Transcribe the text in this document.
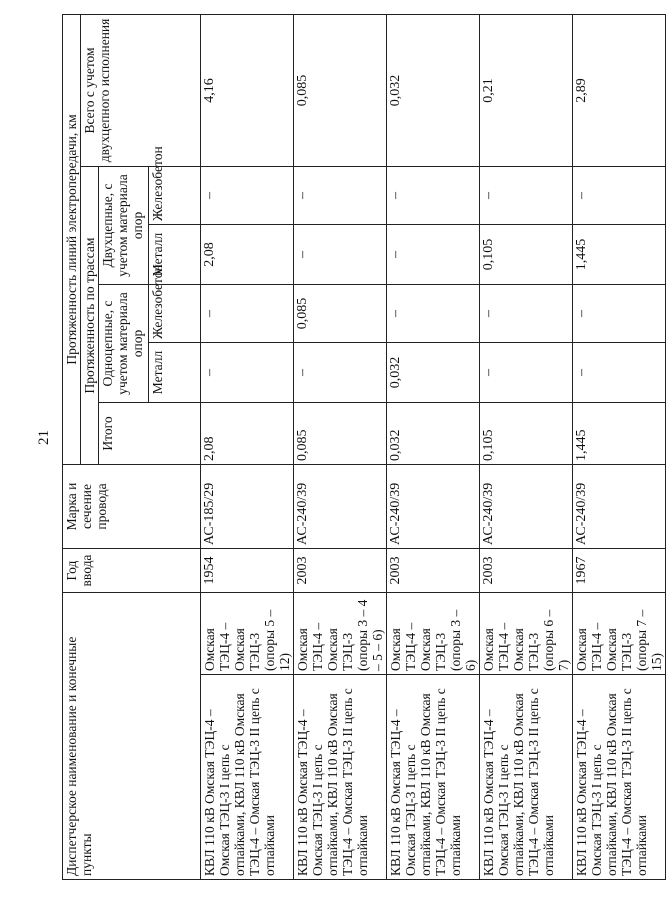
21
Диспетчерское наименование и конечные пункты		Год ввода	Марка и сечение провода	Протяженность линий электропередачи, км					
				Протяженность по трассам					Всего с учетом двухцепного исполнения
				Итого	Одноцепные, с учетом материала опор		Двухцепные, с учетом материала опор		
					Металл	Железобетон	Металл	Железобетон	
КВЛ 110 кВ Омская ТЭЦ-4 – Омская ТЭЦ-3 I цепь с отпайками, КВЛ 110 кВ Омская ТЭЦ-4 – Омская ТЭЦ-3 II цепь с отпайками	Омская ТЭЦ-4 – Омская ТЭЦ-3 (опоры 5 – 12)	1954	АС-185/29	2,08	–	–	2,08	–	4,16
КВЛ 110 кВ Омская ТЭЦ-4 – Омская ТЭЦ-3 I цепь с отпайками, КВЛ 110 кВ Омская ТЭЦ-4 – Омская ТЭЦ-3 II цепь с отпайками	Омская ТЭЦ-4 – Омская ТЭЦ-3 (опоры 3 – 4 – 5 – 6)	2003	АС-240/39	0,085	–	0,085	–	–	0,085
КВЛ 110 кВ Омская ТЭЦ-4 – Омская ТЭЦ-3 I цепь с отпайками, КВЛ 110 кВ Омская ТЭЦ-4 – Омская ТЭЦ-3 II цепь с отпайками	Омская ТЭЦ-4 – Омская ТЭЦ-3 (опоры 3 – 6)	2003	АС-240/39	0,032	0,032	–	–	–	0,032
КВЛ 110 кВ Омская ТЭЦ-4 – Омская ТЭЦ-3 I цепь с отпайками, КВЛ 110 кВ Омская ТЭЦ-4 – Омская ТЭЦ-3 II цепь с отпайками	Омская ТЭЦ-4 – Омская ТЭЦ-3 (опоры 6 – 7)	2003	АС-240/39	0,105	–	–	0,105	–	0,21
КВЛ 110 кВ Омская ТЭЦ-4 – Омская ТЭЦ-3 I цепь с отпайками, КВЛ 110 кВ Омская ТЭЦ-4 – Омская ТЭЦ-3 II цепь с отпайками	Омская ТЭЦ-4 – Омская ТЭЦ-3 (опоры 7 – 15)	1967	АС-240/39	1,445	–	–	1,445	–	2,89
